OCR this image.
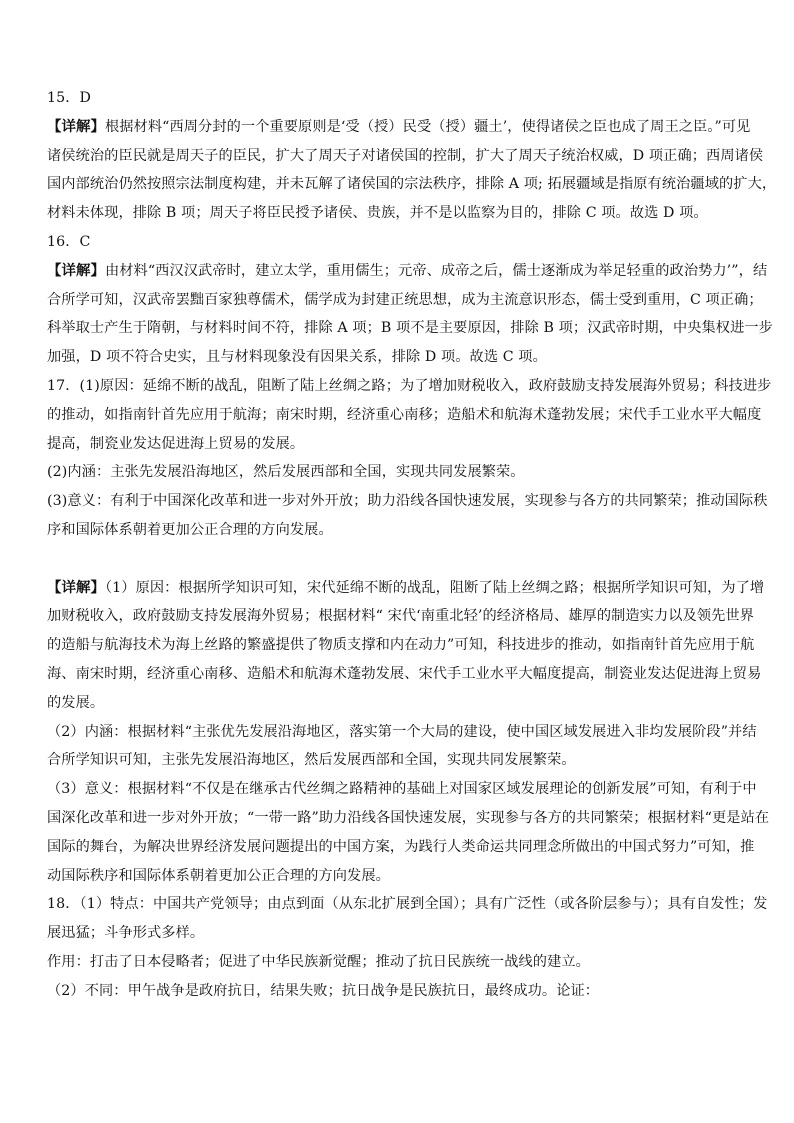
15．D
【详解】根据材料“西周分封的一个重要原则是‘受（授）民受（授）疆土’，使得诸侯之臣也成了周王之臣。”可见
诸侯统治的臣民就是周天子的臣民，扩大了周天子对诸侯国的控制，扩大了周天子统治权威，D 项正确；西周诸侯
国内部统治仍然按照宗法制度构建，并未瓦解了诸侯国的宗法秩序，排除 A 项; 拓展疆域是指原有统治疆域的扩大，
材料未体现，排除 B 项；周天子将臣民授予诸侯、贵族，并不是以监察为目的，排除 C 项。故选 D 项。
16．C
【详解】由材料“西汉汉武帝时，建立太学，重用儒生；元帝、成帝之后，儒士逐渐成为举足轻重的政治势力’”，结
合所学可知，汉武帝罢黜百家独尊儒术，儒学成为封建正统思想，成为主流意识形态，儒士受到重用，C 项正确；
科举取士产生于隋朝，与材料时间不符，排除 A 项；B 项不是主要原因，排除 B 项；汉武帝时期，中央集权进一步
加强，D 项不符合史实，且与材料现象没有因果关系，排除 D 项。故选 C 项。
17．(1)原因：延绵不断的战乱，阻断了陆上丝绸之路；为了增加财税收入，政府鼓励支持发展海外贸易；科技进步
的推动，如指南针首先应用于航海；南宋时期，经济重心南移；造船术和航海术蓬勃发展；宋代手工业水平大幅度
提高，制瓷业发达促进海上贸易的发展。
(2)内涵：主张先发展沿海地区，然后发展西部和全国，实现共同发展繁荣。
(3)意义：有利于中国深化改革和进一步对外开放；助力沿线各国快速发展，实现参与各方的共同繁荣；推动国际秩
序和国际体系朝着更加公正合理的方向发展。
【详解】（1）原因：根据所学知识可知，宋代延绵不断的战乱，阻断了陆上丝绸之路；根据所学知识可知，为了增
加财税收入，政府鼓励支持发展海外贸易；根据材料“ 宋代‘南重北轻’的经济格局、雄厚的制造实力以及领先世界
的造船与航海技术为海上丝路的繁盛提供了物质支撑和内在动力”可知，科技进步的推动，如指南针首先应用于航
海、南宋时期，经济重心南移、造船术和航海术蓬勃发展、宋代手工业水平大幅度提高，制瓷业发达促进海上贸易
的发展。
（2）内涵：根据材料“主张优先发展沿海地区，落实第一个大局的建设，使中国区域发展进入非均发展阶段”并结
合所学知识可知，主张先发展沿海地区，然后发展西部和全国，实现共同发展繁荣。
（3）意义：根据材料“不仅是在继承古代丝绸之路精神的基础上对国家区域发展理论的创新发展”可知，有利于中
国深化改革和进一步对外开放；“一带一路”助力沿线各国快速发展，实现参与各方的共同繁荣；根据材料“更是站在
国际的舞台，为解决世界经济发展问题提出的中国方案，为践行人类命运共同理念所做出的中国式努力”可知，推
动国际秩序和国际体系朝着更加公正合理的方向发展。
18．（1）特点：中国共产党领导；由点到面（从东北扩展到全国）；具有广泛性（或各阶层参与）；具有自发性；发
展迅猛；斗争形式多样。
作用：打击了日本侵略者；促进了中华民族新觉醒；推动了抗日民族统一战线的建立。
（2）不同：甲午战争是政府抗日，结果失败；抗日战争是民族抗日，最终成功。论证：
